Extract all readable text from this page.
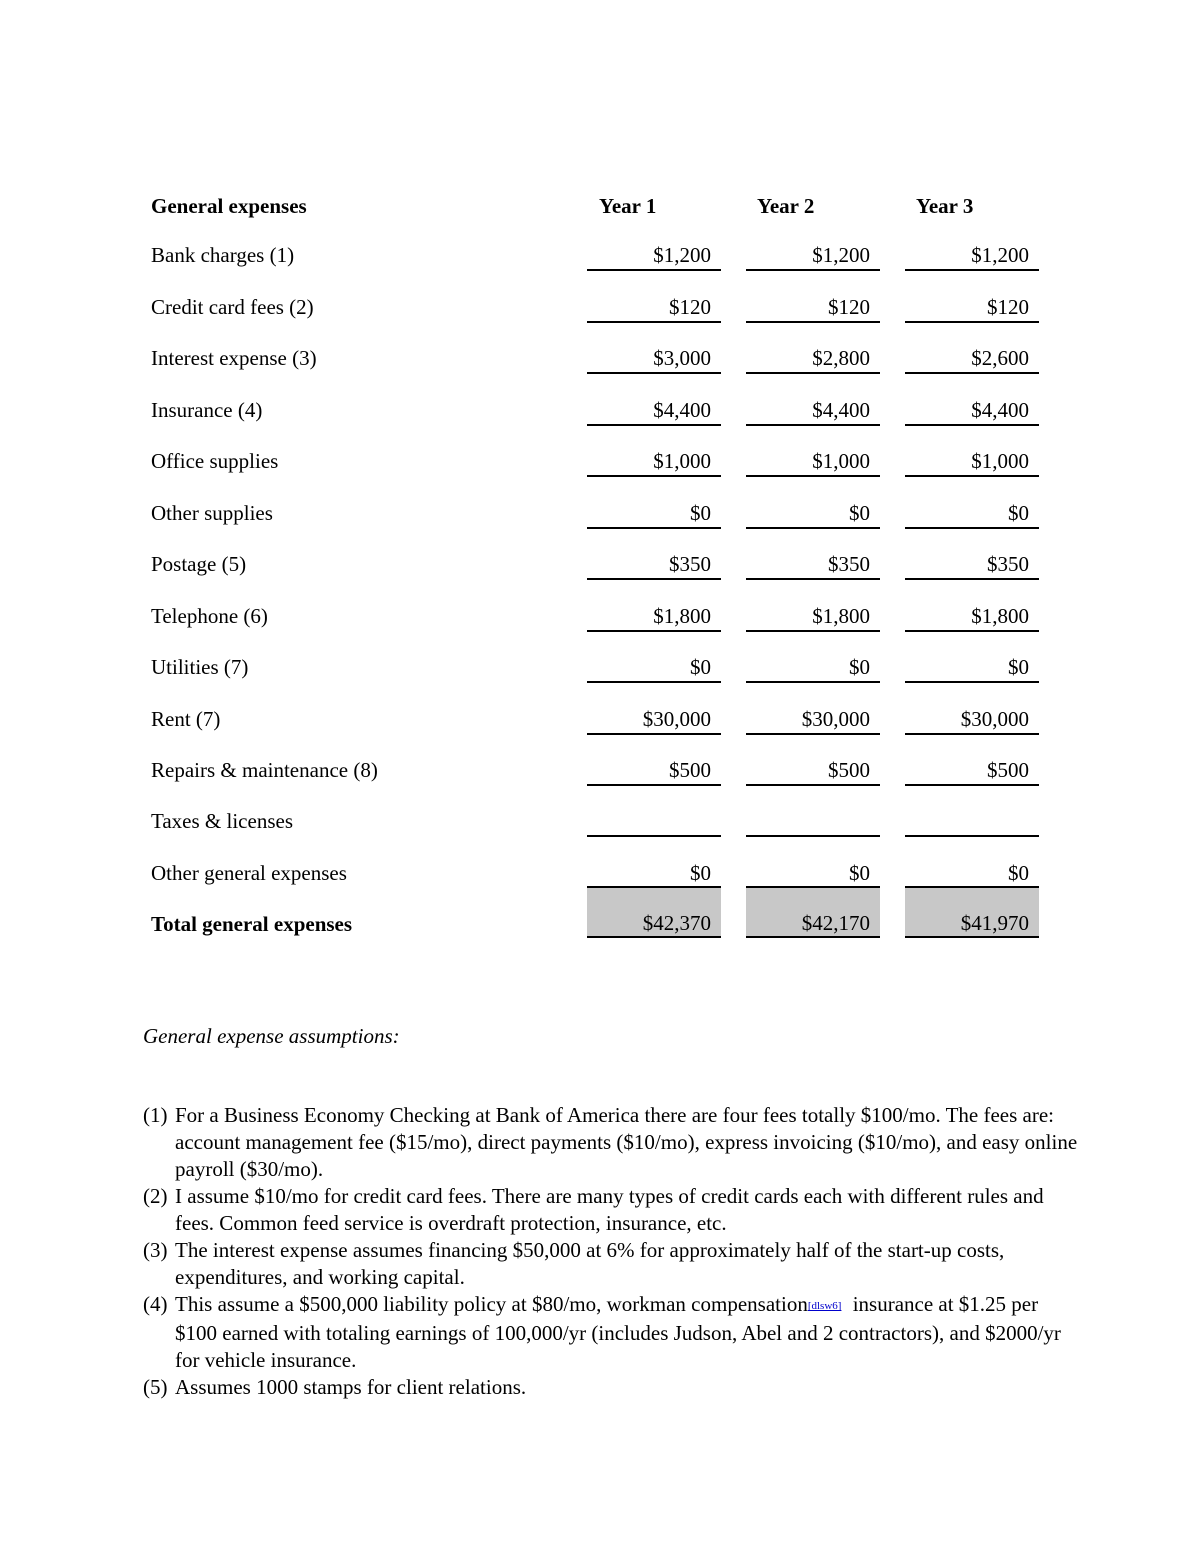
General expenses	Year 1	Year 2	Year 3
Bank charges (1)	$1,200	$1,200	$1,200
Credit card fees (2)	$120	$120	$120
Interest expense (3)	$3,000	$2,800	$2,600
Insurance (4)	$4,400	$4,400	$4,400
Office supplies	$1,000	$1,000	$1,000
Other supplies	$0	$0	$0
Postage (5)	$350	$350	$350
Telephone (6)	$1,800	$1,800	$1,800
Utilities (7)	$0	$0	$0
Rent (7)	$30,000	$30,000	$30,000
Repairs & maintenance (8)	$500	$500	$500
Taxes & licenses
Other general expenses	$0	$0	$0
Total general expenses	$42,370	$42,170	$41,970
General expense assumptions:
(1) For a Business Economy Checking at Bank of America there are four fees totally $100/mo. The fees are: account management fee ($15/mo), direct payments ($10/mo), express invoicing ($10/mo), and easy online payroll ($30/mo).
(2) I assume $10/mo for credit card fees. There are many types of credit cards each with different rules and fees. Common feed service is overdraft protection, insurance, etc.
(3) The interest expense assumes financing $50,000 at 6% for approximately half of the start-up costs, expenditures, and working capital.
(4) This assume a $500,000 liability policy at $80/mo, workman compensation[dlsw6] insurance at $1.25 per $100 earned with totaling earnings of 100,000/yr (includes Judson, Abel and 2 contractors), and $2000/yr for vehicle insurance.
(5) Assumes 1000 stamps for client relations.
